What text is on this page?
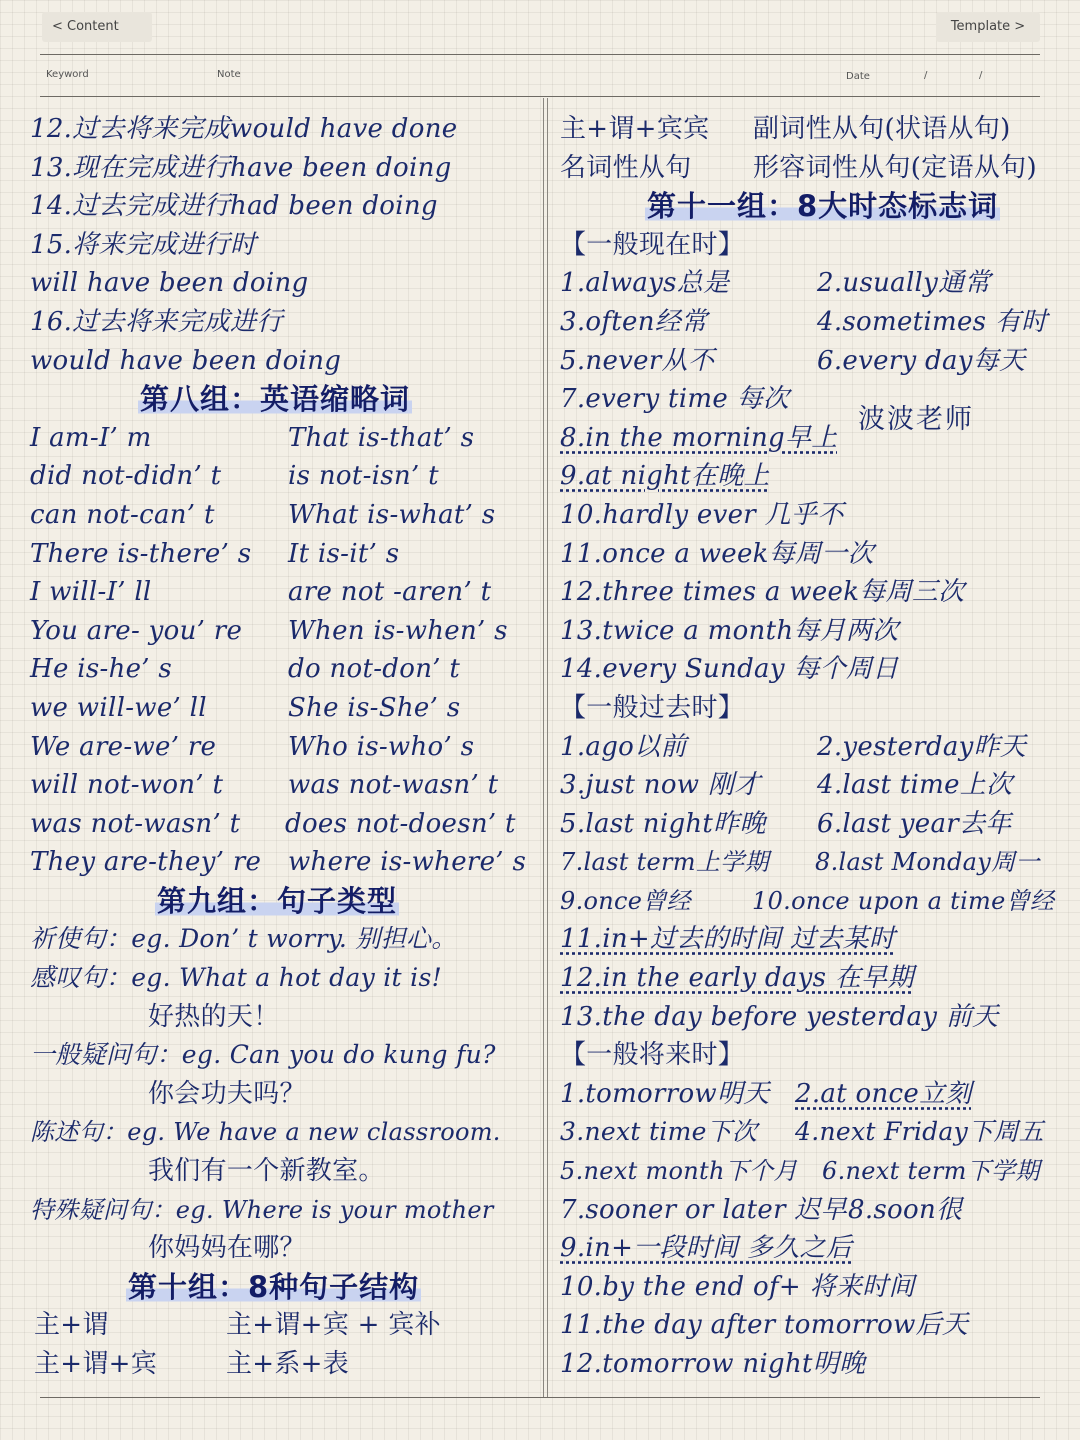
< Content	Template >
Keyword	Note	Date	/	/
12.过去将来完成would have done
13.现在完成进行have been doing
14.过去完成进行had been doing
15.将来完成进行时
will have been doing
16.过去将来完成进行
would have been doing
第八组：英语缩略词
I am-I’ m	That is-that’ s
did not-didn’ t	is not-isn’ t
can not-can’ t	What is-what’ s
There is-there’ s It is-it’ s
I will-I’ ll	are not -aren’ t
You are- you’ re When is-when’ s
He is-he’ s	do not-don’ t
we will-we’ ll	She is-She’ s
We are-we’ re	Who is-who’ s
will not-won’ t was not-wasn’ t
was not-wasn’ t does not-doesn’ t
They are-they’ re where is-where’ s
第九组：句子类型
祈使句：eg. Don’ t worry. 别担心。
感叹句：eg. What a hot day it is!
好热的天！
一般疑问句：eg. Can you do kung fu?
你会功夫吗？
陈述句：eg. We have a new classroom.
我们有一个新教室。
特殊疑问句：eg. Where is your mother
你妈妈在哪？
第十组：8种句子结构
主+谓	主+谓+宾 + 宾补
主+谓+宾	主+系+表
主+谓+宾宾 副词性从句(状语从句)
名词性从句 形容词性从句(定语从句)
第十一组：8大时态标志词
【一般现在时】
1.always总是	2.usually通常
3.often经常	4.sometimes 有时
5.never从不	6.every day每天
7.every time 每次
8.in the morning早上
9.at night在晚上
10.hardly ever 几乎不
11.once a week每周一次
12.three times a week每周三次
13.twice a month每月两次
14.every Sunday 每个周日
【一般过去时】
1.ago以前	2.yesterday昨天
3.just now 刚才 4.last time上次
5.last night昨晚 6.last year去年
7.last term上学期 8.last Monday周一
9.once曾经	10.once upon a time曾经
11.in+过去的时间 过去某时
12.in the early days 在早期
13.the day before yesterday 前天
【一般将来时】
1.tomorrow明天 2.at once立刻
3.next time下次 4.next Friday下周五
5.next month下个月 6.next term下学期
7.sooner or later 迟早 8.soon很
9.in+一段时间 多久之后
10.by the end of+ 将来时间
11.the day after tomorrow后天
12.tomorrow night明晚
波波老师
